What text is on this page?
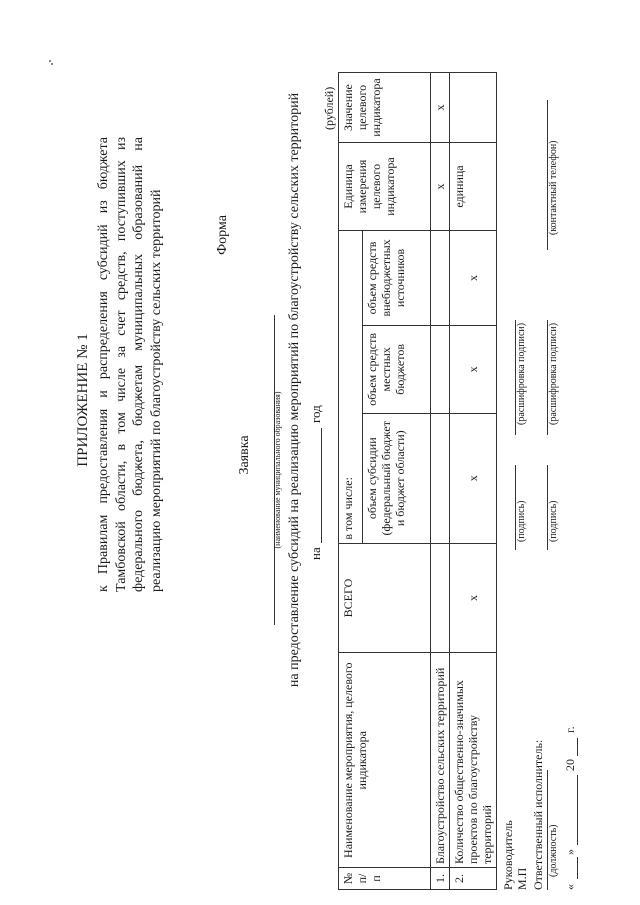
ПРИЛОЖЕНИЕ № 1 к Правилам предоставления и распределения субсидий из бюджета Тамбовской области, в том числе за счет средств, поступивших из федерального бюджета, бюджетам муниципальных образований на реализацию мероприятий по благоустройству сельских территорий	Форма
Заявка	(наименование муниципального образования) на предоставление субсидий на реализацию мероприятий по благоустройству сельских территорий на
год
(рублей)
№ п/п	Наименование мероприятия, целевого индикатора	ВСЕГО	в том числе:			Единица измерения целевого индикатора	Значение целевого индикатора
			объем субсидии (федеральный бюджет и бюджет области)	объем средств местных бюджетов	объем средств внебюджетных источников		
1.	Благоустройство сельских территорий					х	х
2.	Количество общественно-значимых проектов по благоустройству территорий	х	х	х	х	единица	
Руководитель М.П
(подпись)
(расшифровка подписи)
Ответственный исполнитель: (должность)
(подпись)
(расшифровка подписи)
(контактный телефон)
«
»
20
г.
